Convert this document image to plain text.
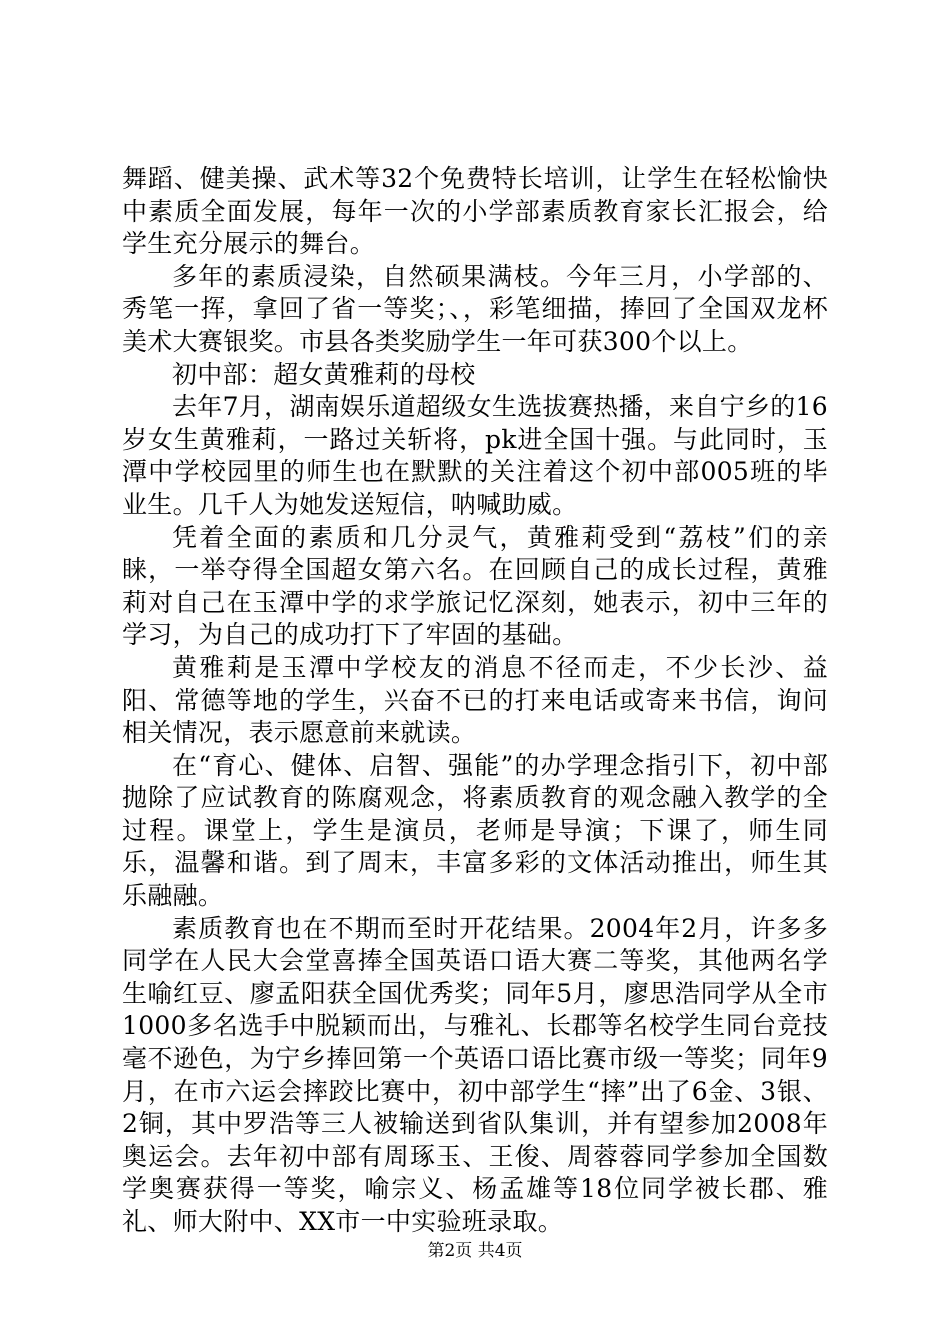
舞蹈、健美操、武术等32个免费特长培训，让学生在轻松愉快中素质全面发展，每年一次的小学部素质教育家长汇报会，给学生充分展示的舞台。

多年的素质浸染，自然硕果满枝。今年三月，小学部的、秀笔一挥，拿回了省一等奖；、，彩笔细描，捧回了全国双龙杯美术大赛银奖。市县各类奖励学生一年可获300个以上。

初中部：超女黄雅莉的母校

去年7月，湖南娱乐道超级女生选拔赛热播，来自宁乡的16岁女生黄雅莉，一路过关斩将，pk进全国十强。与此同时，玉潭中学校园里的师生也在默默的关注着这个初中部005班的毕业生。几千人为她发送短信，呐喊助威。

凭着全面的素质和几分灵气，黄雅莉受到“荔枝”们的亲睐，一举夺得全国超女第六名。在回顾自己的成长过程，黄雅莉对自己在玉潭中学的求学旅记忆深刻，她表示，初中三年的学习，为自己的成功打下了牢固的基础。

黄雅莉是玉潭中学校友的消息不径而走，不少长沙、益阳、常德等地的学生，兴奋不已的打来电话或寄来书信，询问相关情况，表示愿意前来就读。

在“育心、健体、启智、强能”的办学理念指引下，初中部抛除了应试教育的陈腐观念，将素质教育的观念融入教学的全过程。课堂上，学生是演员，老师是导演；下课了，师生同乐，温馨和谐。到了周末，丰富多彩的文体活动推出，师生其乐融融。

素质教育也在不期而至时开花结果。2004年2月，许多多同学在人民大会堂喜捧全国英语口语大赛二等奖，其他两名学生喻红豆、廖孟阳获全国优秀奖；同年5月，廖思浩同学从全市1000多名选手中脱颖而出，与雅礼、长郡等名校学生同台竞技毫不逊色，为宁乡捧回第一个英语口语比赛市级一等奖；同年9月，在市六运会摔跤比赛中，初中部学生“摔”出了6金、3银、2铜，其中罗浩等三人被输送到省队集训，并有望参加2008年奥运会。去年初中部有周琢玉、王俊、周蓉蓉同学参加全国数学奥赛获得一等奖，喻宗义、杨孟雄等18位同学被长郡、雅礼、师大附中、XX市一中实验班录取。

第2页 共4页
